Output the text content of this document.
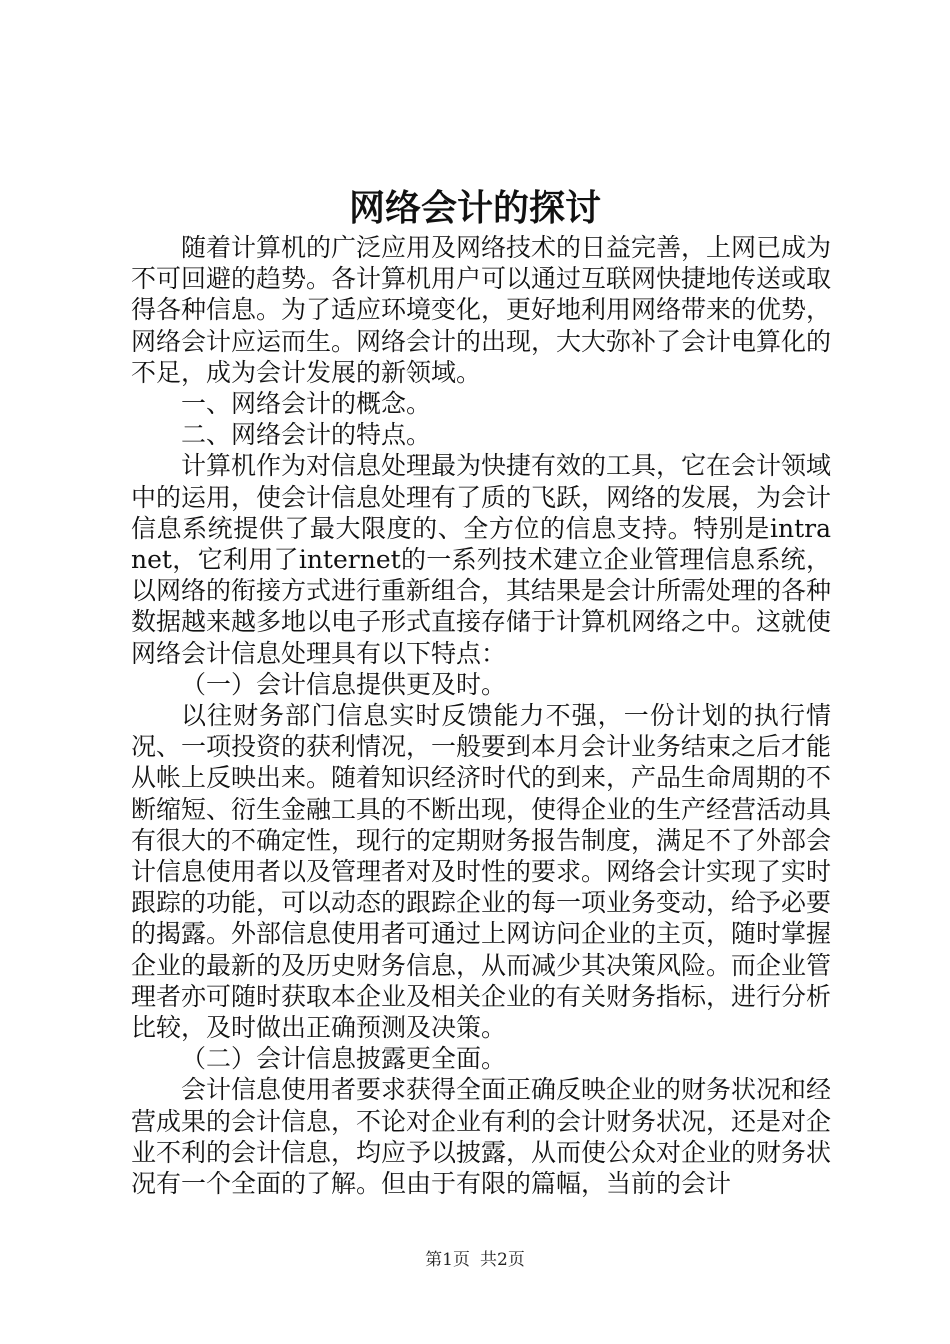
网络会计的探讨

随着计算机的广泛应用及网络技术的日益完善，上网已成为不可回避的趋势。各计算机用户可以通过互联网快捷地传送或取得各种信息。为了适应环境变化，更好地利用网络带来的优势，网络会计应运而生。网络会计的出现，大大弥补了会计电算化的不足，成为会计发展的新领域。

一、网络会计的概念。

二、网络会计的特点。

计算机作为对信息处理最为快捷有效的工具，它在会计领域中的运用，使会计信息处理有了质的飞跃，网络的发展，为会计信息系统提供了最大限度的、全方位的信息支持。特别是intranet，它利用了internet的一系列技术建立企业管理信息系统，以网络的衔接方式进行重新组合，其结果是会计所需处理的各种数据越来越多地以电子形式直接存储于计算机网络之中。这就使网络会计信息处理具有以下特点：

（一）会计信息提供更及时。

以往财务部门信息实时反馈能力不强，一份计划的执行情况、一项投资的获利情况，一般要到本月会计业务结束之后才能从帐上反映出来。随着知识经济时代的到来，产品生命周期的不断缩短、衍生金融工具的不断出现，使得企业的生产经营活动具有很大的不确定性，现行的定期财务报告制度，满足不了外部会计信息使用者以及管理者对及时性的要求。网络会计实现了实时跟踪的功能，可以动态的跟踪企业的每一项业务变动，给予必要的揭露。外部信息使用者可通过上网访问企业的主页，随时掌握企业的最新的及历史财务信息，从而减少其决策风险。而企业管理者亦可随时获取本企业及相关企业的有关财务指标，进行分析比较，及时做出正确预测及决策。

（二）会计信息披露更全面。

会计信息使用者要求获得全面正确反映企业的财务状况和经营成果的会计信息，不论对企业有利的会计财务状况，还是对企业不利的会计信息，均应予以披露，从而使公众对企业的财务状况有一个全面的了解。但由于有限的篇幅，当前的会计

第1页 共2页
